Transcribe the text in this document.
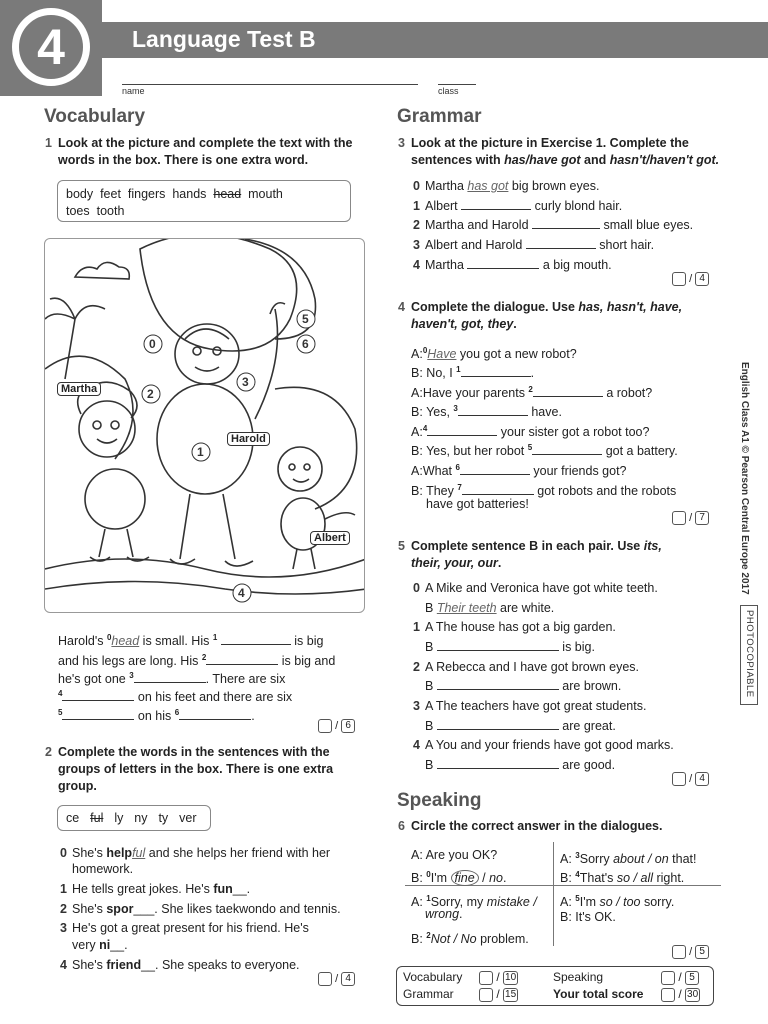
4	Language Test B
name	class
English Class A1 © Pearson Central Europe 2017
PHOTOCOPIABLE
Vocabulary
1 Look at the picture and complete the text with the words in the box. There is one extra word.
body feet fingers hands head mouth
toes tooth
0
1
2
3
4
5
6
Martha
Harold
Albert
Harold's $^0$head is small. His $^1$	is big
and his legs are long. His $^2$	is big and
he's got one $^3$	. There are six
$^4$	on his feet and there are six
$^5$	on his $^6$	.
/ 6
2 Complete the words in the sentences with the groups of letters in the box. There is one extra group.
ce ful ly ny ty ver
0 She's helpful and she helps her friend with her
homework.
1 He tells great jokes. He's fun__.
2 She's spor___. She likes taekwondo and tennis.
3 He's got a great present for his friend. He's
very ni__.
4 She's friend__. She speaks to everyone.
/ 4
Grammar
3 Look at the picture in Exercise 1. Complete the
sentences with has/have got and hasn't/haven't got.
0 Martha has got big brown eyes.
1 Albert	curly blond hair.
2 Martha and Harold	small blue eyes.
3 Albert and Harold	short hair.
4 Martha	a big mouth.
/ 4
4 Complete the dialogue. Use has, hasn't, have,
haven't, got, they.
A:$^0$Have you got a new robot?
B: No, I $^1$	.
A:Have your parents $^2$	a robot?
B: Yes, $^3$	have.
A:$^4$	your sister got a robot too?
B: Yes, but her robot $^5$	got a battery.
A:What $^6$	your friends got?
B: They $^7$	got robots and the robots
have got batteries!
/ 7
5 Complete sentence B in each pair. Use its,
their, your, our.
0 A Mike and Veronica have got white teeth.
B Their teeth are white.
1 A The house has got a big garden.
B	is big.
2 A Rebecca and I have got brown eyes.
B	are brown.
3 A The teachers have got great students.
B	are great.
4 A You and your friends have got good marks.
B	are good.
/ 4
Speaking
6 Circle the correct answer in the dialogues.
A: Are you OK?
B: $^0$I'm fine / no.
A: $^3$Sorry about / on that!
B: $^4$That's so / all right.
A: $^1$Sorry, my mistake /
wrong.
B: $^2$Not / No problem.
A: $^5$I'm so / too sorry.
B: It's OK.
/ 5
Vocabulary	/ 10
Grammar	/ 15
Speaking	/ 5
Your total score	/ 30
